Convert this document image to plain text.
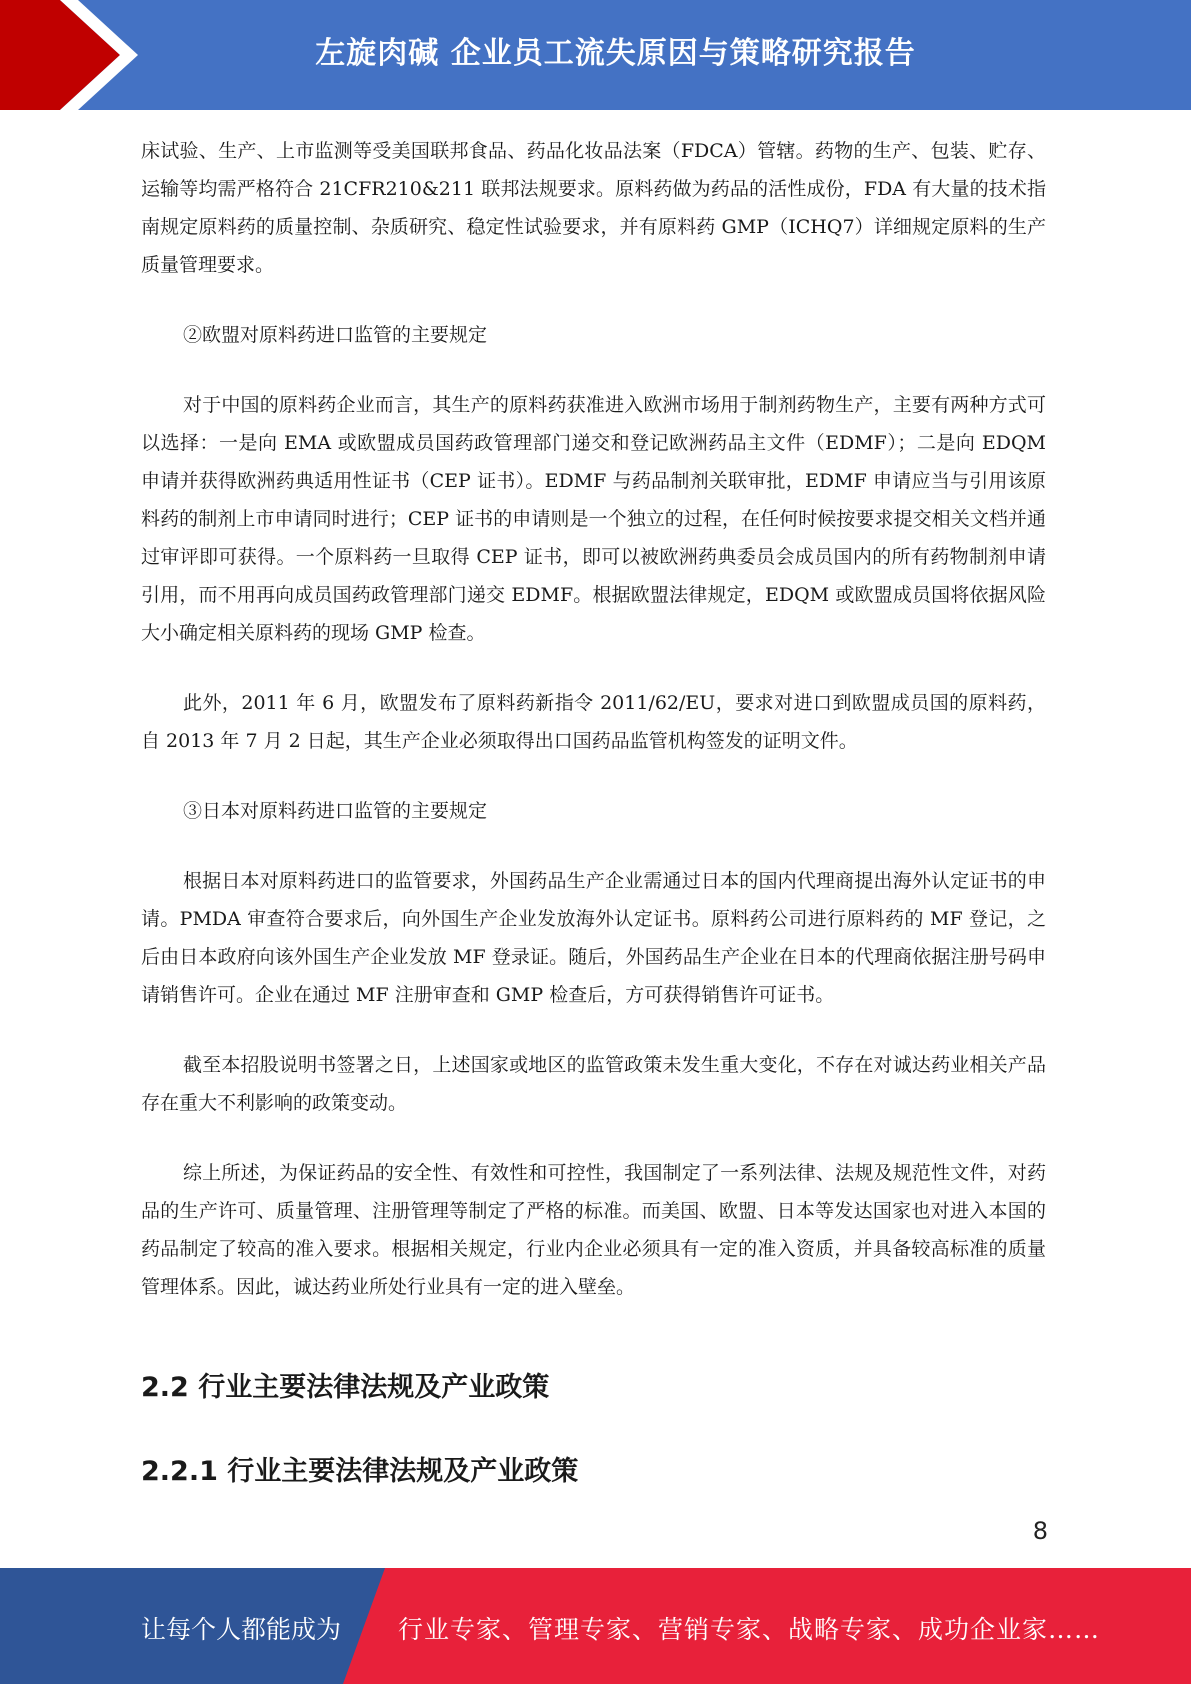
左旋肉碱 企业员工流失原因与策略研究报告

床试验、生产、上市监测等受美国联邦食品、药品化妆品法案（FDCA）管辖。药物的生产、包装、贮存、运输等均需严格符合 21CFR210&211 联邦法规要求。原料药做为药品的活性成份，FDA 有大量的技术指南规定原料药的质量控制、杂质研究、稳定性试验要求，并有原料药 GMP（ICHQ7）详细规定原料的生产质量管理要求。

②欧盟对原料药进口监管的主要规定

对于中国的原料药企业而言，其生产的原料药获准进入欧洲市场用于制剂药物生产，主要有两种方式可以选择：一是向 EMA 或欧盟成员国药政管理部门递交和登记欧洲药品主文件（EDMF）；二是向 EDQM 申请并获得欧洲药典适用性证书（CEP 证书）。EDMF 与药品制剂关联审批，EDMF 申请应当与引用该原料药的制剂上市申请同时进行；CEP 证书的申请则是一个独立的过程，在任何时候按要求提交相关文档并通过审评即可获得。一个原料药一旦取得 CEP 证书，即可以被欧洲药典委员会成员国内的所有药物制剂申请引用，而不用再向成员国药政管理部门递交 EDMF。根据欧盟法律规定，EDQM 或欧盟成员国将依据风险大小确定相关原料药的现场 GMP 检查。

此外，2011 年 6 月，欧盟发布了原料药新指令 2011/62/EU，要求对进口到欧盟成员国的原料药，自 2013 年 7 月 2 日起，其生产企业必须取得出口国药品监管机构签发的证明文件。

③日本对原料药进口监管的主要规定

根据日本对原料药进口的监管要求，外国药品生产企业需通过日本的国内代理商提出海外认定证书的申请。PMDA 审查符合要求后，向外国生产企业发放海外认定证书。原料药公司进行原料药的 MF 登记，之后由日本政府向该外国生产企业发放 MF 登录证。随后，外国药品生产企业在日本的代理商依据注册号码申请销售许可。企业在通过 MF 注册审查和 GMP 检查后，方可获得销售许可证书。

截至本招股说明书签署之日，上述国家或地区的监管政策未发生重大变化，不存在对诚达药业相关产品存在重大不利影响的政策变动。

综上所述，为保证药品的安全性、有效性和可控性，我国制定了一系列法律、法规及规范性文件，对药品的生产许可、质量管理、注册管理等制定了严格的标准。而美国、欧盟、日本等发达国家也对进入本国的药品制定了较高的准入要求。根据相关规定，行业内企业必须具有一定的准入资质，并具备较高标准的质量管理体系。因此，诚达药业所处行业具有一定的进入壁垒。

2.2 行业主要法律法规及产业政策
2.2.1 行业主要法律法规及产业政策
8
让每个人都能成为 行业专家、管理专家、营销专家、战略专家、成功企业家……
